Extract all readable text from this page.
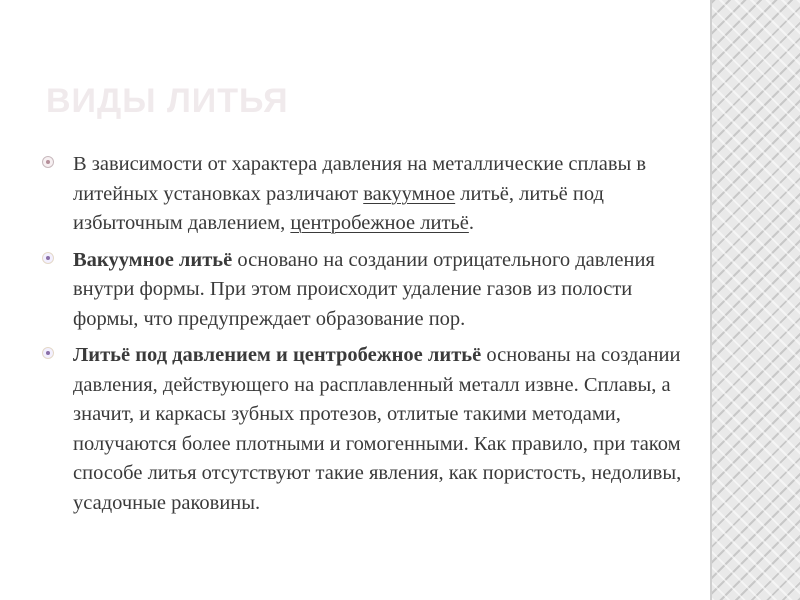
ВИДЫ ЛИТЬЯ
В зависимости от характера давления на металлические сплавы в литейных установках различают вакуумное литьё, литьё под избыточным давлением, центробежное литьё.
Вакуумное литьё основано на создании отрицательного давления внутри формы. При этом происходит удаление газов из полости формы, что предупреждает образование пор.
Литьё под давлением и центробежное литьё основаны на создании давления, действующего на расплавленный металл извне. Сплавы, а значит, и каркасы зубных протезов, отлитые такими методами, получаются более плотными и гомогенными. Как правило, при таком способе литья отсутствуют такие явления, как пористость, недоливы, усадочные раковины.
